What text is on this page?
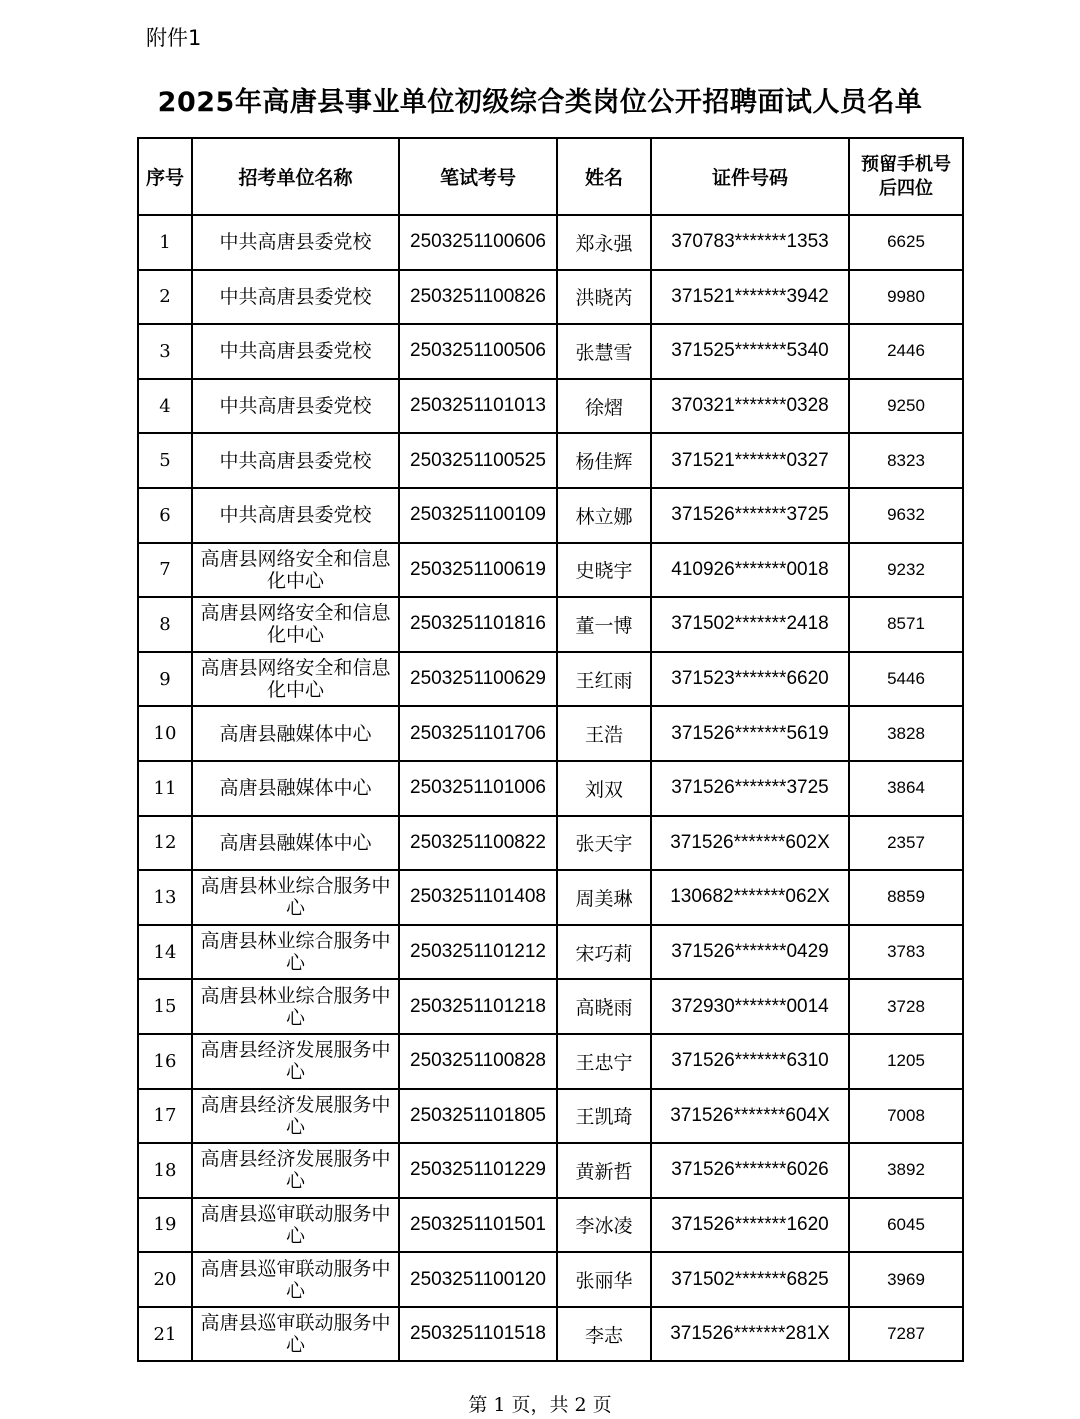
附件1
2025年高唐县事业单位初级综合类岗位公开招聘面试人员名单
序号	招考单位名称	笔试考号	姓名	证件号码	预留手机号
后四位

1	中共高唐县委党校	2503251100606	郑永强	370783*******1353	6625
2	中共高唐县委党校	2503251100826	洪晓芮	371521*******3942	9980
3	中共高唐县委党校	2503251100506	张慧雪	371525*******5340	2446
4	中共高唐县委党校	2503251101013	徐熠	370321*******0328	9250
5	中共高唐县委党校	2503251100525	杨佳辉	371521*******0327	8323
6	中共高唐县委党校	2503251100109	林立娜	371526*******3725	9632
7	高唐县网络安全和信息化中心	2503251100619	史晓宇	410926*******0018	9232
8	高唐县网络安全和信息化中心	2503251101816	董一博	371502*******2418	8571
9	高唐县网络安全和信息化中心	2503251100629	王红雨	371523*******6620	5446
10	高唐县融媒体中心	2503251101706	王浩	371526*******5619	3828
11	高唐县融媒体中心	2503251101006	刘双	371526*******3725	3864
12	高唐县融媒体中心	2503251100822	张天宇	371526*******602X	2357
13	高唐县林业综合服务中心	2503251101408	周美琳	130682*******062X	8859
14	高唐县林业综合服务中心	2503251101212	宋巧莉	371526*******0429	3783
15	高唐县林业综合服务中心	2503251101218	高晓雨	372930*******0014	3728
16	高唐县经济发展服务中心	2503251100828	王忠宁	371526*******6310	1205
17	高唐县经济发展服务中心	2503251101805	王凯琦	371526*******604X	7008
18	高唐县经济发展服务中心	2503251101229	黄新哲	371526*******6026	3892
19	高唐县巡审联动服务中心	2503251101501	李冰凌	371526*******1620	6045
20	高唐县巡审联动服务中心	2503251100120	张丽华	371502*******6825	3969
21	高唐县巡审联动服务中心	2503251101518	李志	371526*******281X	7287
第 1 页，共 2 页
